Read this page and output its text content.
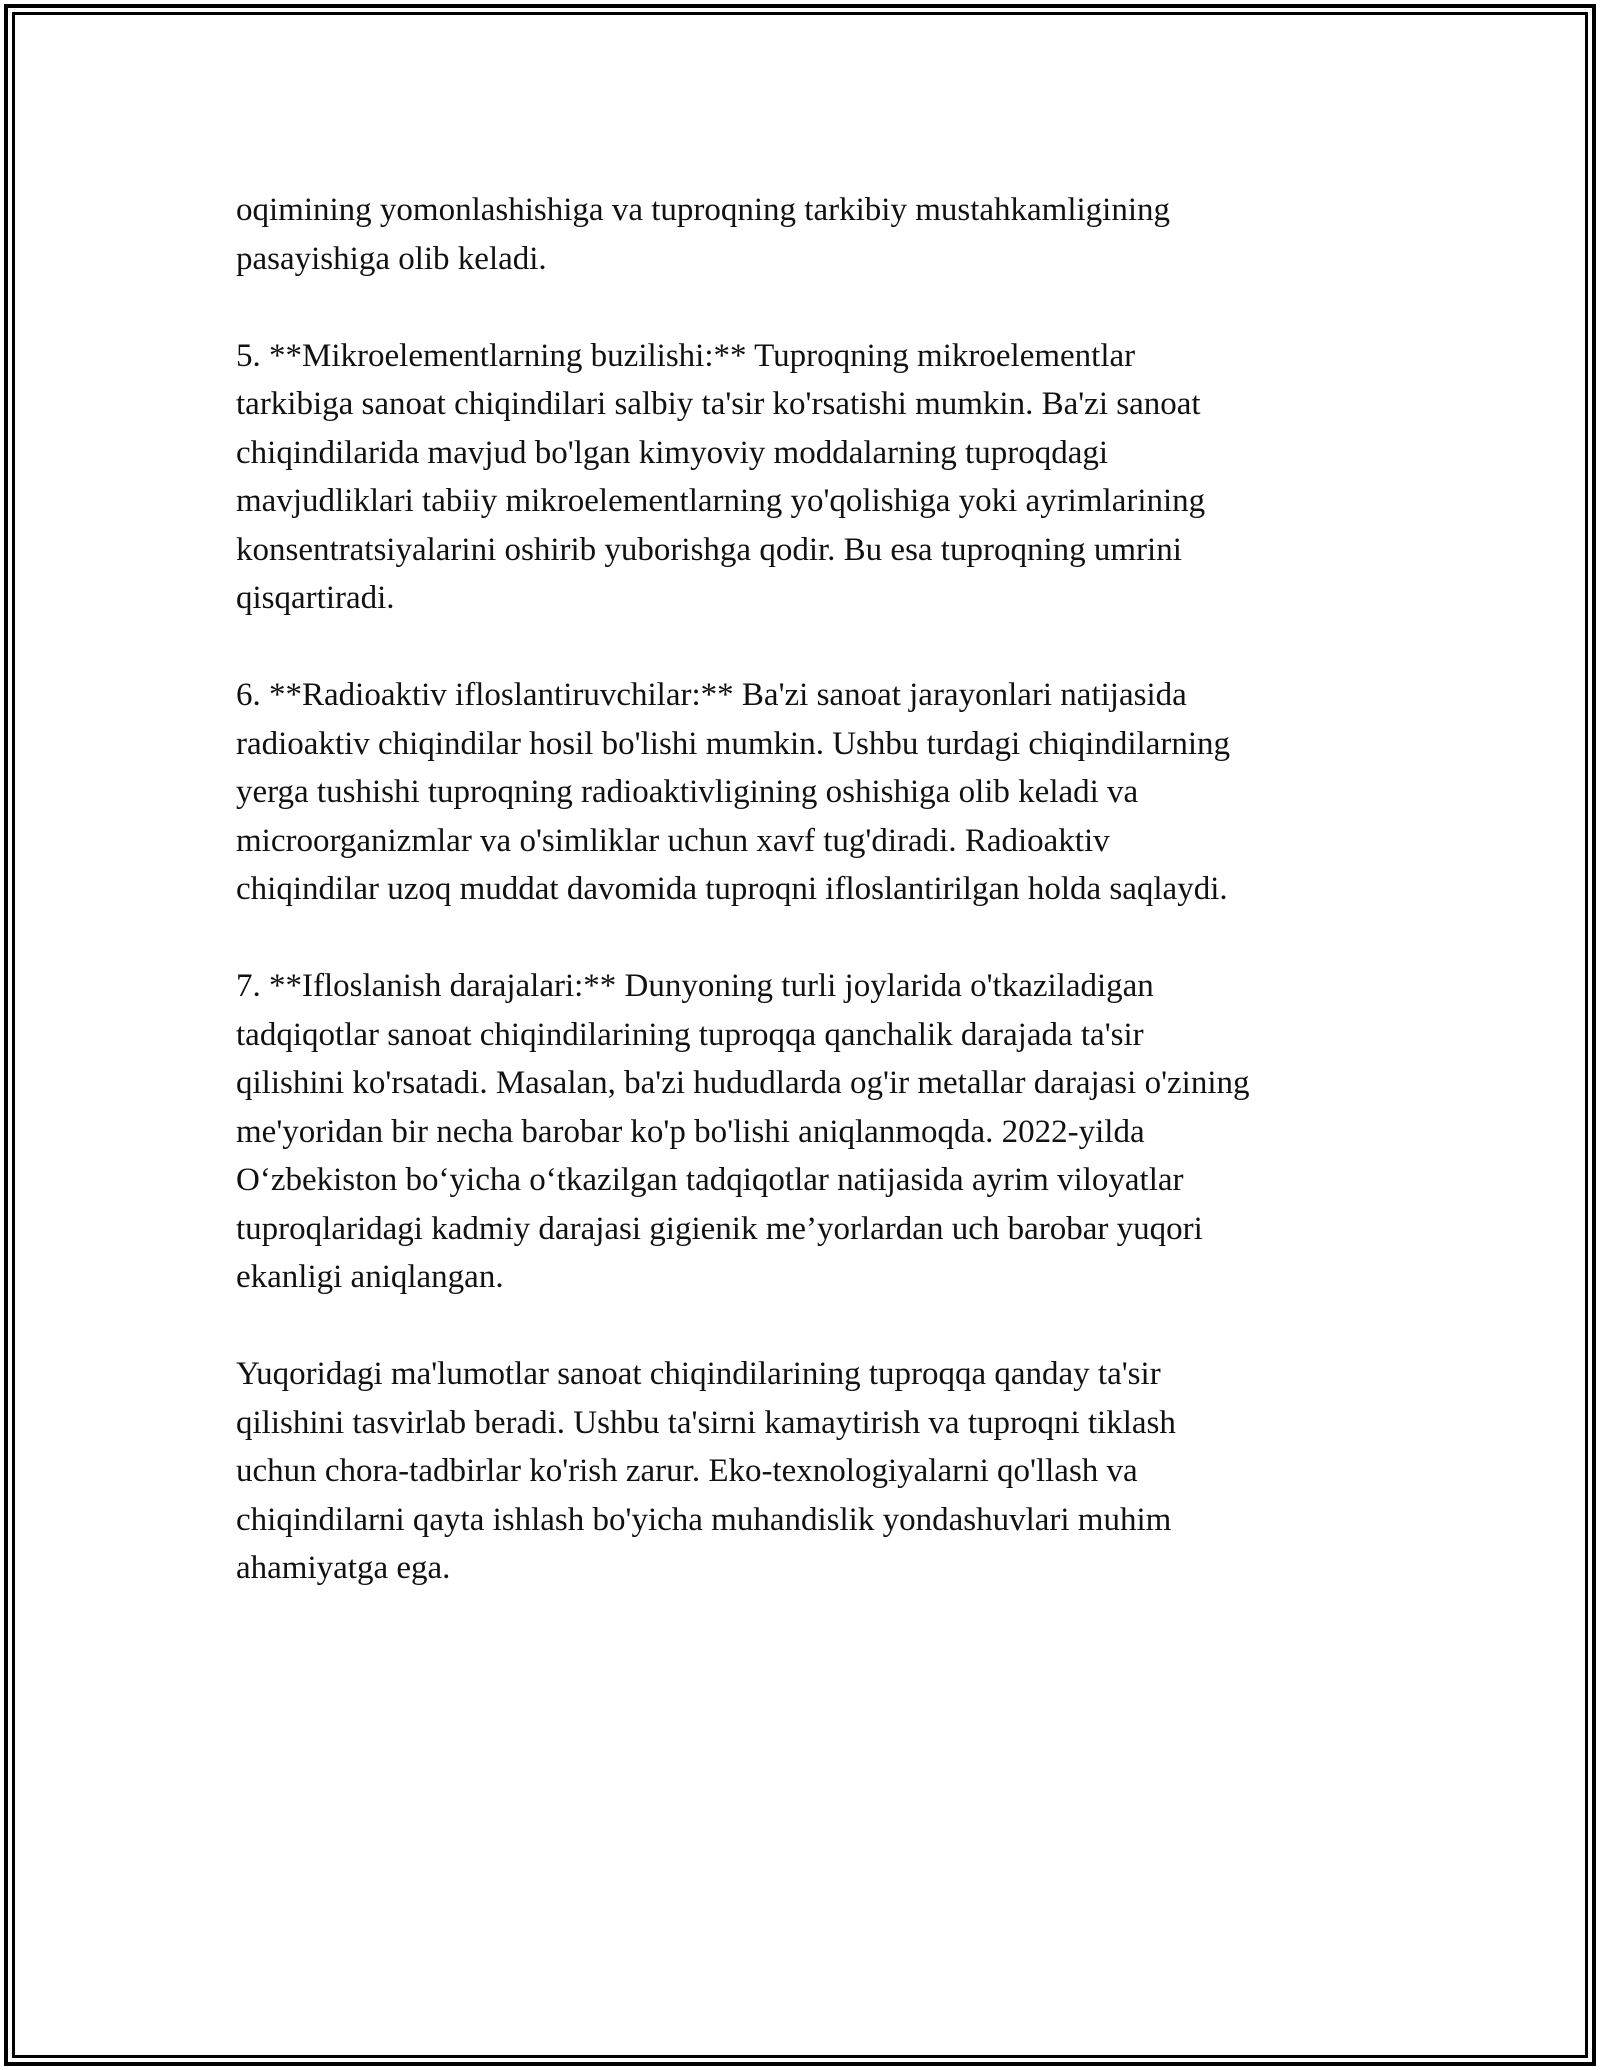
oqimining yomonlashishiga va tuproqning tarkibiy mustahkamligining
pasayishiga olib keladi.

5. **Mikroelementlarning buzilishi:** Tuproqning mikroelementlar
tarkibiga sanoat chiqindilari salbiy ta'sir ko'rsatishi mumkin. Ba'zi sanoat
chiqindilarida mavjud bo'lgan kimyoviy moddalarning tuproqdagi
mavjudliklari tabiiy mikroelementlarning yo'qolishiga yoki ayrimlarining
konsentratsiyalarini oshirib yuborishga qodir. Bu esa tuproqning umrini
qisqartiradi.

6. **Radioaktiv ifloslantiruvchilar:** Ba'zi sanoat jarayonlari natijasida
radioaktiv chiqindilar hosil bo'lishi mumkin. Ushbu turdagi chiqindilarning
yerga tushishi tuproqning radioaktivligining oshishiga olib keladi va
microorganizmlar va o'simliklar uchun xavf tug'diradi. Radioaktiv
chiqindilar uzoq muddat davomida tuproqni ifloslantirilgan holda saqlaydi.

7. **Ifloslanish darajalari:** Dunyoning turli joylarida o'tkaziladigan
tadqiqotlar sanoat chiqindilarining tuproqqa qanchalik darajada ta'sir
qilishini ko'rsatadi. Masalan, ba'zi hududlarda og'ir metallar darajasi o'zining
me'yoridan bir necha barobar ko'p bo'lishi aniqlanmoqda. 2022-yilda
O‘zbekiston bo‘yicha o‘tkazilgan tadqiqotlar natijasida ayrim viloyatlar
tuproqlaridagi kadmiy darajasi gigienik me’yorlardan uch barobar yuqori
ekanligi aniqlangan.

Yuqoridagi ma'lumotlar sanoat chiqindilarining tuproqqa qanday ta'sir
qilishini tasvirlab beradi. Ushbu ta'sirni kamaytirish va tuproqni tiklash
uchun chora-tadbirlar ko'rish zarur. Eko-texnologiyalarni qo'llash va
chiqindilarni qayta ishlash bo'yicha muhandislik yondashuvlari muhim
ahamiyatga ega.
